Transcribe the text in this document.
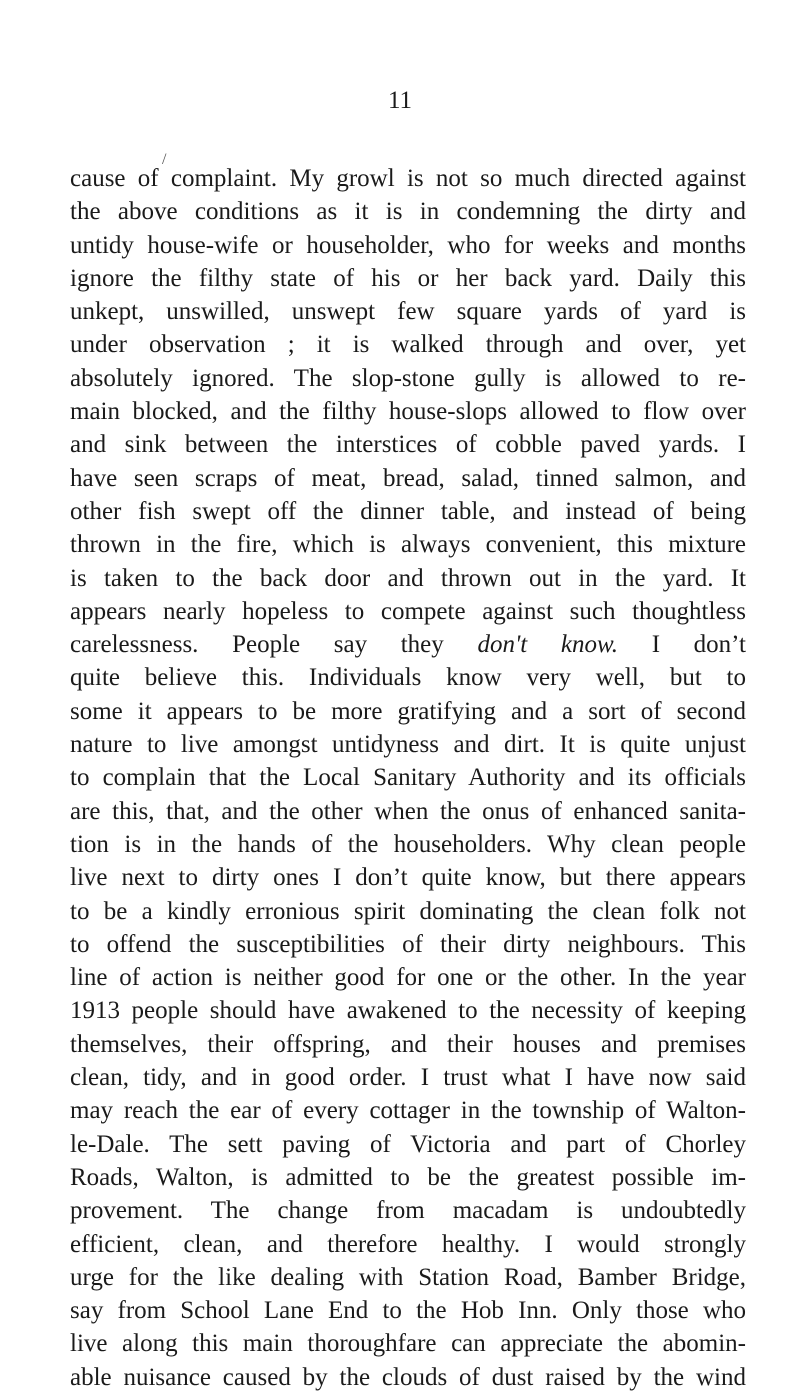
11
/
cause of complaint. My growl is not so much directed against
the above conditions as it is in condemning the dirty and
untidy house-wife or householder, who for weeks and months
ignore the filthy state of his or her back yard. Daily this
unkept, unswilled, unswept few square yards of yard is
under observation ; it is walked through and over, yet
absolutely ignored. The slop-stone gully is allowed to re-
main blocked, and the filthy house-slops allowed to flow over
and sink between the interstices of cobble paved yards. I
have seen scraps of meat, bread, salad, tinned salmon, and
other fish swept off the dinner table, and instead of being
thrown in the fire, which is always convenient, this mixture
is taken to the back door and thrown out in the yard. It
appears nearly hopeless to compete against such thoughtless
carelessness. People say they don't know. I don’t
quite believe this. Individuals know very well, but to
some it appears to be more gratifying and a sort of second
nature to live amongst untidyness and dirt. It is quite unjust
to complain that the Local Sanitary Authority and its officials
are this, that, and the other when the onus of enhanced sanita-
tion is in the hands of the householders. Why clean people
live next to dirty ones I don’t quite know, but there appears
to be a kindly erronious spirit dominating the clean folk not
to offend the susceptibilities of their dirty neighbours. This
line of action is neither good for one or the other. In the year
1913 people should have awakened to the necessity of keeping
themselves, their offspring, and their houses and premises
clean, tidy, and in good order. I trust what I have now said
may reach the ear of every cottager in the township of Walton-
le-Dale. The sett paving of Victoria and part of Chorley
Roads, Walton, is admitted to be the greatest possible im-
provement. The change from macadam is undoubtedly
efficient, clean, and therefore healthy. I would strongly
urge for the like dealing with Station Road, Bamber Bridge,
say from School Lane End to the Hob Inn. Only those who
live along this main thoroughfare can appreciate the abomin-
able nuisance caused by the clouds of dust raised by the wind
